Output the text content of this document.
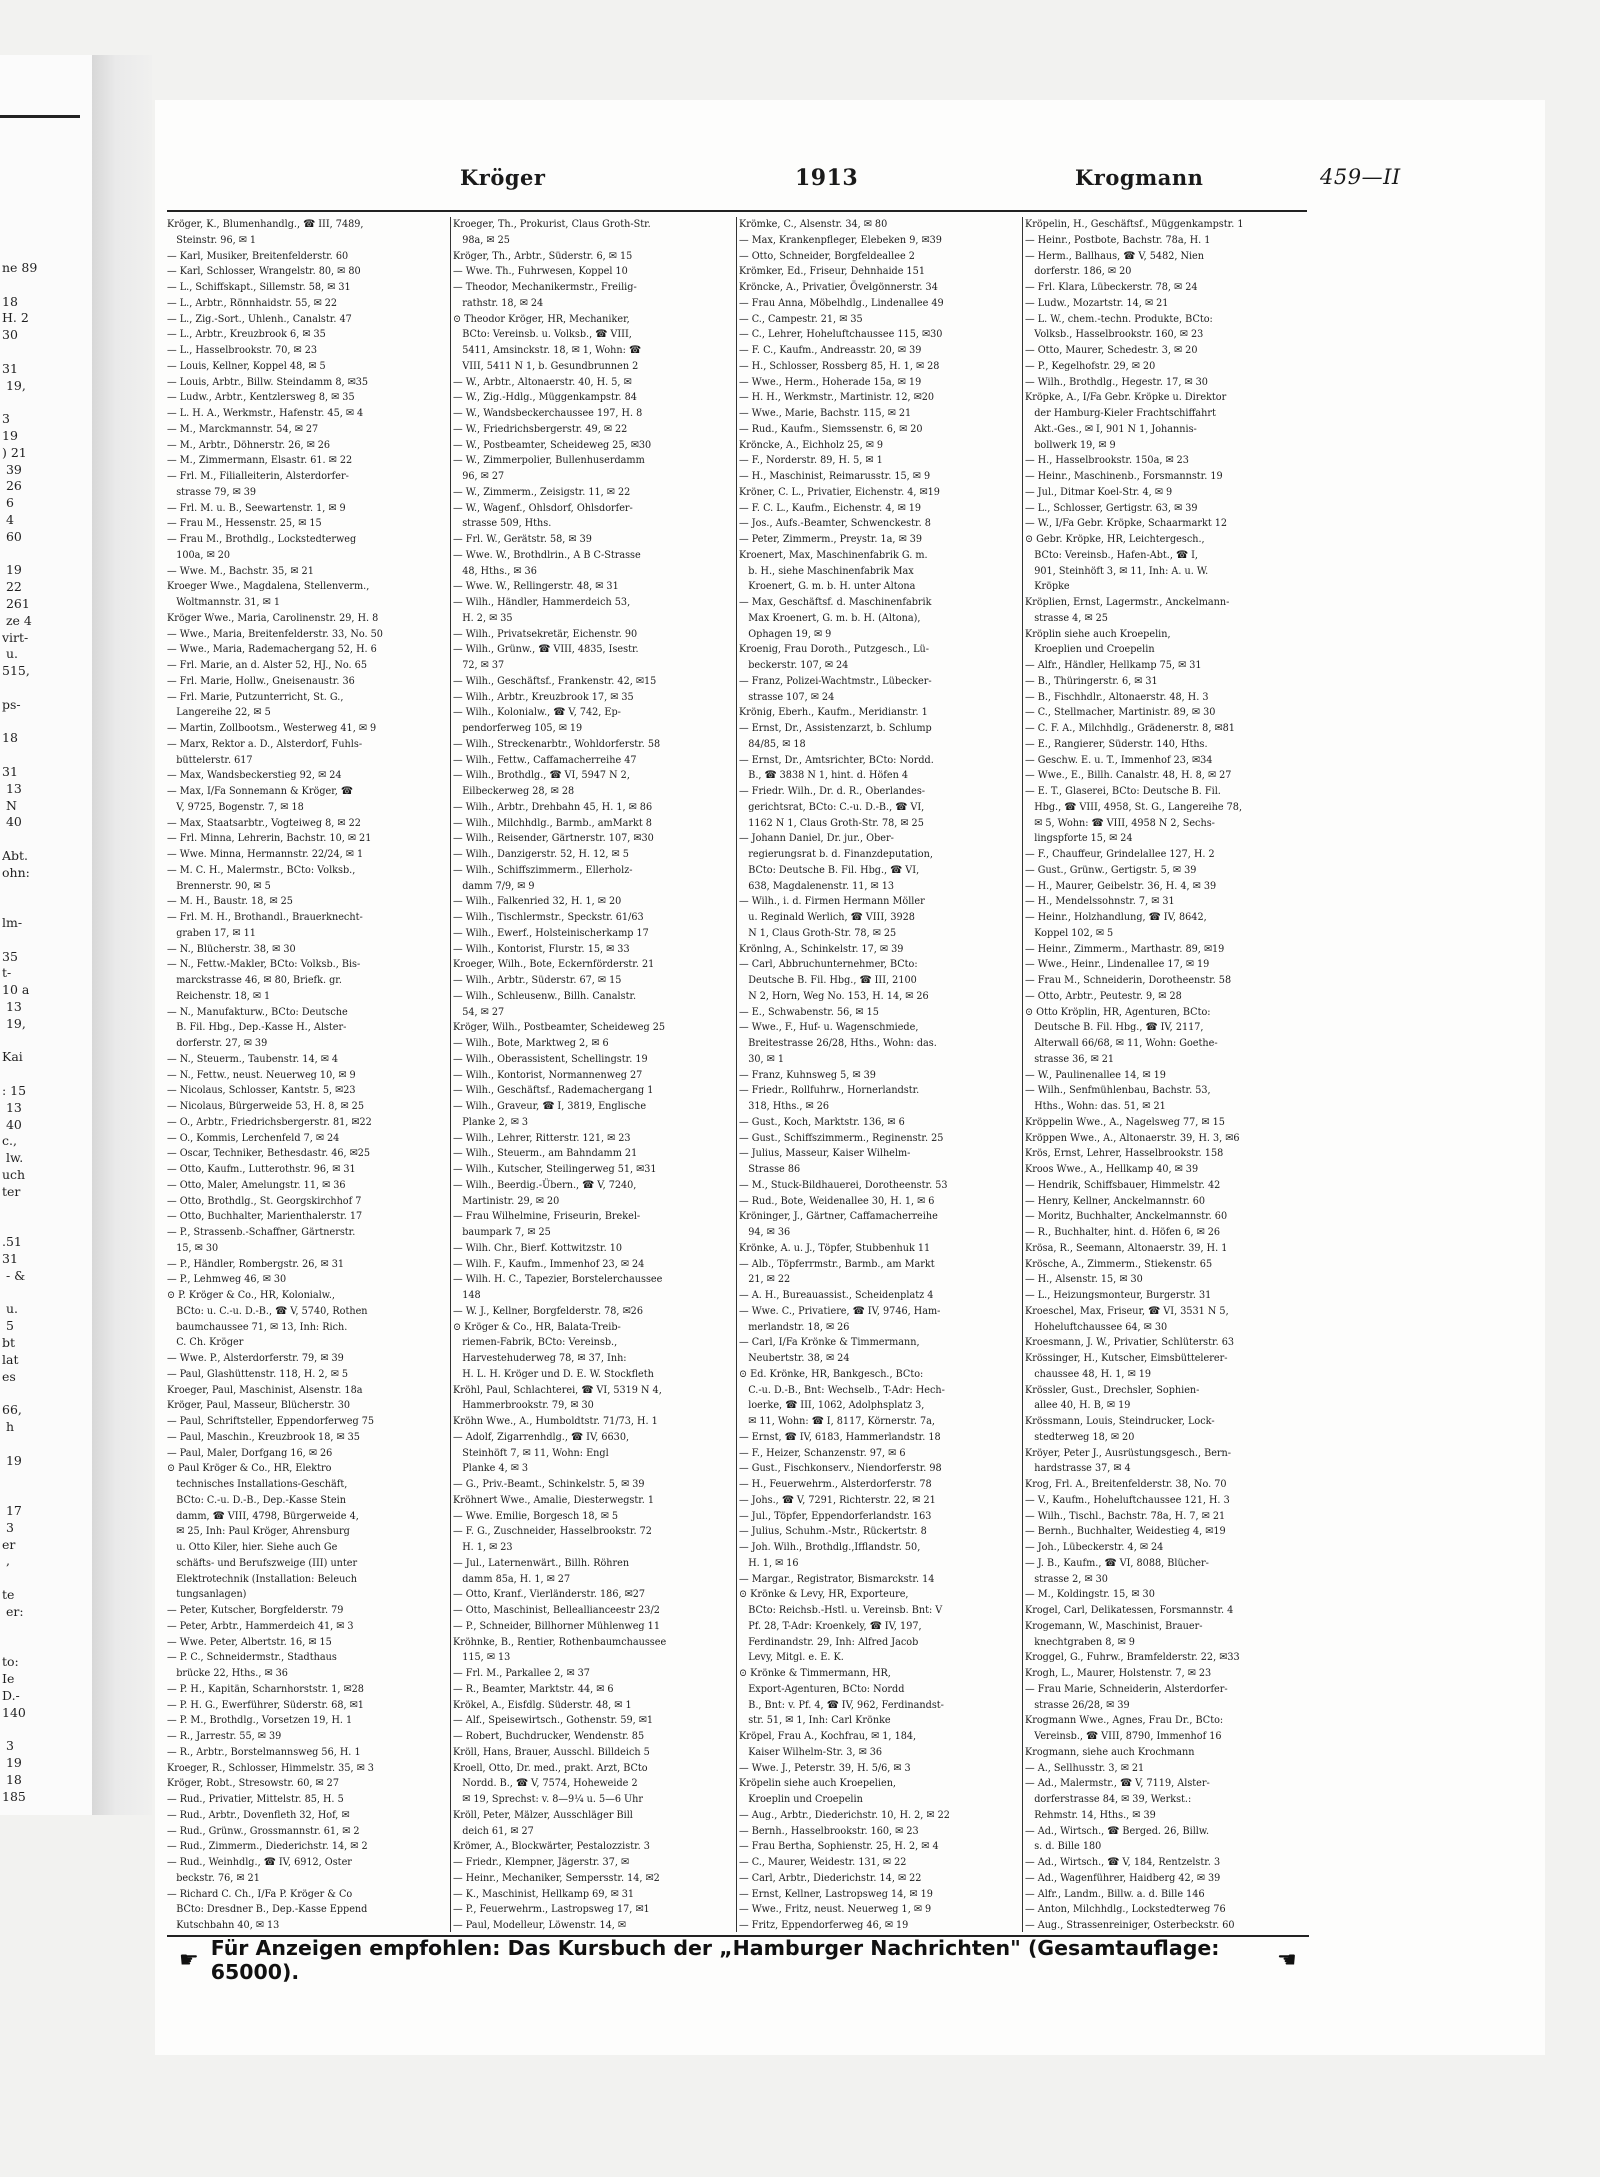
ne 89

18
H. 2
30

31
19,

3
19
) 21
39
26
6
4
60

19
22
261
ze 4
virt-
u.
515,

ps-

18

31
13
N
40

Abt.
ohn:

lm-

35
t-
10 a
13
19,

Kai

: 15
13
40
c.,
lw.
uch
ter

.51
31
- &

u.
5
bt
lat
es

66,
h

19

17
3
er
,

te
er:

to:
Ie
D.-
140

3
19
18
185
Kröger	1913	Krogmann	459—II
Kröger, K., Blumenhandlg., ☎ III, 7489,
Steinstr. 96, ✉ 1
— Karl, Musiker, Breitenfelderstr. 60
— Karl, Schlosser, Wrangelstr. 80, ✉ 80
— L., Schiffskapt., Sillemstr. 58, ✉ 31
— L., Arbtr., Rönnhaidstr. 55, ✉ 22
— L., Zig.-Sort., Uhlenh., Canalstr. 47
— L., Arbtr., Kreuzbrook 6, ✉ 35
— L., Hasselbrookstr. 70, ✉ 23
— Louis, Kellner, Koppel 48, ✉ 5
— Louis, Arbtr., Billw. Steindamm 8, ✉35
— Ludw., Arbtr., Kentzlersweg 8, ✉ 35
— L. H. A., Werkmstr., Hafenstr. 45, ✉ 4
— M., Marckmannstr. 54, ✉ 27
— M., Arbtr., Döhnerstr. 26, ✉ 26
— M., Zimmermann, Elsastr. 61. ✉ 22
— Frl. M., Filialleiterin, Alsterdorfer-
strasse 79, ✉ 39
— Frl. M. u. B., Seewartenstr. 1, ✉ 9
— Frau M., Hessenstr. 25, ✉ 15
— Frau M., Brothdlg., Lockstedterweg
100a, ✉ 20
— Wwe. M., Bachstr. 35, ✉ 21
Kroeger Wwe., Magdalena, Stellenverm.,
Woltmannstr. 31, ✉ 1
Kröger Wwe., Maria, Carolinenstr. 29, H. 8
— Wwe., Maria, Breitenfelderstr. 33, No. 50
— Wwe., Maria, Rademachergang 52, H. 6
— Frl. Marie, an d. Alster 52, HJ., No. 65
— Frl. Marie, Hollw., Gneisenaustr. 36
— Frl. Marie, Putzunterricht, St. G.,
Langereihe 22, ✉ 5
— Martin, Zollbootsm., Westerweg 41, ✉ 9
— Marx, Rektor a. D., Alsterdorf, Fuhls-
büttelerstr. 617
— Max, Wandsbeckerstieg 92, ✉ 24
— Max, I/Fa Sonnemann & Kröger, ☎
V, 9725, Bogenstr. 7, ✉ 18
— Max, Staatsarbtr., Vogteiweg 8, ✉ 22
— Frl. Minna, Lehrerin, Bachstr. 10, ✉ 21
— Wwe. Minna, Hermannstr. 22/24, ✉ 1
— M. C. H., Malermstr., BCto: Volksb.,
Brennerstr. 90, ✉ 5
— M. H., Baustr. 18, ✉ 25
— Frl. M. H., Brothandl., Brauerknecht-
graben 17, ✉ 11
— N., Blücherstr. 38, ✉ 30
— N., Fettw.-Makler, BCto: Volksb., Bis-
marckstrasse 46, ✉ 80, Briefk. gr.
Reichenstr. 18, ✉ 1
— N., Manufakturw., BCto: Deutsche
B. Fil. Hbg., Dep.-Kasse H., Alster-
dorferstr. 27, ✉ 39
— N., Steuerm., Taubenstr. 14, ✉ 4
— N., Fettw., neust. Neuerweg 10, ✉ 9
— Nicolaus, Schlosser, Kantstr. 5, ✉23
— Nicolaus, Bürgerweide 53, H. 8, ✉ 25
— O., Arbtr., Friedrichsbergerstr. 81, ✉22
— O., Kommis, Lerchenfeld 7, ✉ 24
— Oscar, Techniker, Bethesdastr. 46, ✉25
— Otto, Kaufm., Lutterothstr. 96, ✉ 31
— Otto, Maler, Amelungstr. 11, ✉ 36
— Otto, Brothdlg., St. Georgskirchhof 7
— Otto, Buchhalter, Marienthalerstr. 17
— P., Strassenb.-Schaffner, Gärtnerstr.
15, ✉ 30
— P., Händler, Rombergstr. 26, ✉ 31
— P., Lehmweg 46, ✉ 30
⊙ P. Kröger & Co., HR, Kolonialw.,
BCto: u. C.-u. D.-B., ☎ V, 5740, Rothen
baumchaussee 71, ✉ 13, Inh: Rich.
C. Ch. Kröger
— Wwe. P., Alsterdorferstr. 79, ✉ 39
— Paul, Glashüttenstr. 118, H. 2, ✉ 5
Kroeger, Paul, Maschinist, Alsenstr. 18a
Kröger, Paul, Masseur, Blücherstr. 30
— Paul, Schriftsteller, Eppendorferweg 75
— Paul, Maschin., Kreuzbrook 18, ✉ 35
— Paul, Maler, Dorfgang 16, ✉ 26
⊙ Paul Kröger & Co., HR, Elektro
technisches Installations-Geschäft,
BCto: C.-u. D.-B., Dep.-Kasse Stein
damm, ☎ VIII, 4798, Bürgerweide 4,
✉ 25, Inh: Paul Kröger, Ahrensburg
u. Otto Kiler, hier. Siehe auch Ge
schäfts- und Berufszweige (III) unter
Elektrotechnik (Installation: Beleuch
tungsanlagen)
— Peter, Kutscher, Borgfelderstr. 79
— Peter, Arbtr., Hammerdeich 41, ✉ 3
— Wwe. Peter, Albertstr. 16, ✉ 15
— P. C., Schneidermstr., Stadthaus
brücke 22, Hths., ✉ 36
— P. H., Kapitän, Scharnhorststr. 1, ✉28
— P. H. G., Ewerführer, Süderstr. 68, ✉1
— P. M., Brothdlg., Vorsetzen 19, H. 1
— R., Jarrestr. 55, ✉ 39
— R., Arbtr., Borstelmannsweg 56, H. 1
Kroeger, R., Schlosser, Himmelstr. 35, ✉ 3
Kröger, Robt., Stresowstr. 60, ✉ 27
— Rud., Privatier, Mittelstr. 85, H. 5
— Rud., Arbtr., Dovenfleth 32, Hof, ✉
— Rud., Grünw., Grossmannstr. 61, ✉ 2
— Rud., Zimmerm., Diederichstr. 14, ✉ 2
— Rud., Weinhdlg., ☎ IV, 6912, Oster
beckstr. 76, ✉ 21
— Richard C. Ch., I/Fa P. Kröger & Co
BCto: Dresdner B., Dep.-Kasse Eppend
Kutschbahn 40, ✉ 13

Kroeger, Th., Prokurist, Claus Groth-Str.
98a, ✉ 25
Kröger, Th., Arbtr., Süderstr. 6, ✉ 15
— Wwe. Th., Fuhrwesen, Koppel 10
— Theodor, Mechanikermstr., Freilig-
rathstr. 18, ✉ 24
⊙ Theodor Kröger, HR, Mechaniker,
BCto: Vereinsb. u. Volksb., ☎ VIII,
5411, Amsinckstr. 18, ✉ 1, Wohn: ☎
VIII, 5411 N 1, b. Gesundbrunnen 2
— W., Arbtr., Altonaerstr. 40, H. 5, ✉
— W., Zig.-Hdlg., Müggenkampstr. 84
— W., Wandsbeckerchaussee 197, H. 8
— W., Friedrichsbergerstr. 49, ✉ 22
— W., Postbeamter, Scheideweg 25, ✉30
— W., Zimmerpolier, Bullenhuserdamm
96, ✉ 27
— W., Zimmerm., Zeisigstr. 11, ✉ 22
— W., Wagenf., Ohlsdorf, Ohlsdorfer-
strasse 509, Hths.
— Frl. W., Gerätstr. 58, ✉ 39
— Wwe. W., Brothdlrin., A B C-Strasse
48, Hths., ✉ 36
— Wwe. W., Rellingerstr. 48, ✉ 31
— Wilh., Händler, Hammerdeich 53,
H. 2, ✉ 35
— Wilh., Privatsekretär, Eichenstr. 90
— Wilh., Grünw., ☎ VIII, 4835, Isestr.
72, ✉ 37
— Wilh., Geschäftsf., Frankenstr. 42, ✉15
— Wilh., Arbtr., Kreuzbrook 17, ✉ 35
— Wilh., Kolonialw., ☎ V, 742, Ep-
pendorferweg 105, ✉ 19
— Wilh., Streckenarbtr., Wohldorferstr. 58
— Wilh., Fettw., Caffamacherreihe 47
— Wilh., Brothdlg., ☎ VI, 5947 N 2,
Eilbeckerweg 28, ✉ 28
— Wilh., Arbtr., Drehbahn 45, H. 1, ✉ 86
— Wilh., Milchhdlg., Barmb., amMarkt 8
— Wilh., Reisender, Gärtnerstr. 107, ✉30
— Wilh., Danzigerstr. 52, H. 12, ✉ 5
— Wilh., Schiffszimmerm., Ellerholz-
damm 7/9, ✉ 9
— Wilh., Falkenried 32, H. 1, ✉ 20
— Wilh., Tischlermstr., Speckstr. 61/63
— Wilh., Ewerf., Holsteinischerkamp 17
— Wilh., Kontorist, Flurstr. 15, ✉ 33
Kroeger, Wilh., Bote, Eckernförderstr. 21
— Wilh., Arbtr., Süderstr. 67, ✉ 15
— Wilh., Schleusenw., Billh. Canalstr.
54, ✉ 27
Kröger, Wilh., Postbeamter, Scheideweg 25
— Wilh., Bote, Marktweg 2, ✉ 6
— Wilh., Oberassistent, Schellingstr. 19
— Wilh., Kontorist, Normannenweg 27
— Wilh., Geschäftsf., Rademachergang 1
— Wilh., Graveur, ☎ I, 3819, Englische
Planke 2, ✉ 3
— Wilh., Lehrer, Ritterstr. 121, ✉ 23
— Wilh., Steuerm., am Bahndamm 21
— Wilh., Kutscher, Steilingerweg 51, ✉31
— Wilh., Beerdig.-Übern., ☎ V, 7240,
Martinistr. 29, ✉ 20
— Frau Wilhelmine, Friseurin, Brekel-
baumpark 7, ✉ 25
— Wilh. Chr., Bierf. Kottwitzstr. 10
— Wilh. F., Kaufm., Immenhof 23, ✉ 24
— Wilh. H. C., Tapezier, Borstelerchaussee
148
— W. J., Kellner, Borgfelderstr. 78, ✉26
⊙ Kröger & Co., HR, Balata-Treib-
riemen-Fabrik, BCto: Vereinsb.,
Harvestehuderweg 78, ✉ 37, Inh:
H. L. H. Kröger und D. E. W. Stockfleth
Kröhl, Paul, Schlachterei, ☎ VI, 5319 N 4,
Hammerbrookstr. 79, ✉ 30
Kröhn Wwe., A., Humboldtstr. 71/73, H. 1
— Adolf, Zigarrenhdlg., ☎ IV, 6630,
Steinhöft 7, ✉ 11, Wohn: Engl
Planke 4, ✉ 3
— G., Priv.-Beamt., Schinkelstr. 5, ✉ 39
Kröhnert Wwe., Amalie, Diesterwegstr. 1
— Wwe. Emilie, Borgesch 18, ✉ 5
— F. G., Zuschneider, Hasselbrookstr. 72
H. 1, ✉ 23
— Jul., Laternenwärt., Billh. Röhren
damm 85a, H. 1, ✉ 27
— Otto, Kranf., Vierländerstr. 186, ✉27
— Otto, Maschinist, Belleallianceestr 23/2
— P., Schneider, Billhorner Mühlenweg 11
Kröhnke, B., Rentier, Rothenbaumchaussee
115, ✉ 13
— Frl. M., Parkallee 2, ✉ 37
— R., Beamter, Marktstr. 44, ✉ 6
Krökel, A., Eisfdlg. Süderstr. 48, ✉ 1
— Alf., Speisewirtsch., Gothenstr. 59, ✉1
— Robert, Buchdrucker, Wendenstr. 85
Kröll, Hans, Brauer, Ausschl. Billdeich 5
Kroell, Otto, Dr. med., prakt. Arzt, BCto
Nordd. B., ☎ V, 7574, Hoheweide 2
✉ 19, Sprechst: v. 8—9¼ u. 5—6 Uhr
Kröll, Peter, Mälzer, Ausschläger Bill
deich 61, ✉ 27
Krömer, A., Blockwärter, Pestalozzistr. 3
— Friedr., Klempner, Jägerstr. 37, ✉
— Heinr., Mechaniker, Sempersstr. 14, ✉2
— K., Maschinist, Hellkamp 69, ✉ 31
— P., Feuerwehrm., Lastropsweg 17, ✉1
— Paul, Modelleur, Löwenstr. 14, ✉

Krömke, C., Alsenstr. 34, ✉ 80
— Max, Krankenpfleger, Elebeken 9, ✉39
— Otto, Schneider, Borgfeldeallee 2
Krömker, Ed., Friseur, Dehnhaide 151
Kröncke, A., Privatier, Övelgönnerstr. 34
— Frau Anna, Möbelhdlg., Lindenallee 49
— C., Campestr. 21, ✉ 35
— C., Lehrer, Hoheluftchaussee 115, ✉30
— F. C., Kaufm., Andreasstr. 20, ✉ 39
— H., Schlosser, Rossberg 85, H. 1, ✉ 28
— Wwe., Herm., Hoherade 15a, ✉ 19
— H. H., Werkmstr., Martinistr. 12, ✉20
— Wwe., Marie, Bachstr. 115, ✉ 21
— Rud., Kaufm., Siemssenstr. 6, ✉ 20
Kröncke, A., Eichholz 25, ✉ 9
— F., Norderstr. 89, H. 5, ✉ 1
— H., Maschinist, Reimarusstr. 15, ✉ 9
Kröner, C. L., Privatier, Eichenstr. 4, ✉19
— F. C. L., Kaufm., Eichenstr. 4, ✉ 19
— Jos., Aufs.-Beamter, Schwenckestr. 8
— Peter, Zimmerm., Preystr. 1a, ✉ 39
Kroenert, Max, Maschinenfabrik G. m.
b. H., siehe Maschinenfabrik Max
Kroenert, G. m. b. H. unter Altona
— Max, Geschäftsf. d. Maschinenfabrik
Max Kroenert, G. m. b. H. (Altona),
Ophagen 19, ✉ 9
Kroenig, Frau Doroth., Putzgesch., Lü-
beckerstr. 107, ✉ 24
— Franz, Polizei-Wachtmstr., Lübecker-
strasse 107, ✉ 24
Krönig, Eberh., Kaufm., Meridianstr. 1
— Ernst, Dr., Assistenzarzt, b. Schlump
84/85, ✉ 18
— Ernst, Dr., Amtsrichter, BCto: Nordd.
B., ☎ 3838 N 1, hint. d. Höfen 4
— Friedr. Wilh., Dr. d. R., Oberlandes-
gerichtsrat, BCto: C.-u. D.-B., ☎ VI,
1162 N 1, Claus Groth-Str. 78, ✉ 25
— Johann Daniel, Dr. jur., Ober-
regierungsrat b. d. Finanzdeputation,
BCto: Deutsche B. Fil. Hbg., ☎ VI,
638, Magdalenenstr. 11, ✉ 13
— Wilh., i. d. Firmen Hermann Möller
u. Reginald Werlich, ☎ VIII, 3928
N 1, Claus Groth-Str. 78, ✉ 25
Krönlng, A., Schinkelstr. 17, ✉ 39
— Carl, Abbruchunternehmer, BCto:
Deutsche B. Fil. Hbg., ☎ III, 2100
N 2, Horn, Weg No. 153, H. 14, ✉ 26
— E., Schwabenstr. 56, ✉ 15
— Wwe., F., Huf- u. Wagenschmiede,
Breitestrasse 26/28, Hths., Wohn: das.
30, ✉ 1
— Franz, Kuhnsweg 5, ✉ 39
— Friedr., Rollfuhrw., Hornerlandstr.
318, Hths., ✉ 26
— Gust., Koch, Marktstr. 136, ✉ 6
— Gust., Schiffszimmerm., Reginenstr. 25
— Julius, Masseur, Kaiser Wilhelm-
Strasse 86
— M., Stuck-Bildhauerei, Dorotheenstr. 53
— Rud., Bote, Weidenallee 30, H. 1, ✉ 6
Kröninger, J., Gärtner, Caffamacherreihe
94, ✉ 36
Krönke, A. u. J., Töpfer, Stubbenhuk 11
— Alb., Töpferrmstr., Barmb., am Markt
21, ✉ 22
— A. H., Bureauassist., Scheidenplatz 4
— Wwe. C., Privatiere, ☎ IV, 9746, Ham-
merlandstr. 18, ✉ 26
— Carl, I/Fa Krönke & Timmermann,
Neubertstr. 38, ✉ 24
⊙ Ed. Krönke, HR, Bankgesch., BCto:
C.-u. D.-B., Bnt: Wechselb., T-Adr: Hech-
loerke, ☎ III, 1062, Adolphsplatz 3,
✉ 11, Wohn: ☎ I, 8117, Körnerstr. 7a,
— Ernst, ☎ IV, 6183, Hammerlandstr. 18
— F., Heizer, Schanzenstr. 97, ✉ 6
— Gust., Fischkonserv., Niendorferstr. 98
— H., Feuerwehrm., Alsterdorferstr. 78
— Johs., ☎ V, 7291, Richterstr. 22, ✉ 21
— Jul., Töpfer, Eppendorferlandstr. 163
— Julius, Schuhm.-Mstr., Rückertstr. 8
— Joh. Wilh., Brothdlg.,Ifflandstr. 50,
H. 1, ✉ 16
— Margar., Registrator, Bismarckstr. 14
⊙ Krönke & Levy, HR, Exporteure,
BCto: Reichsb.-Hstl. u. Vereinsb. Bnt: V
Pf. 28, T-Adr: Kroenkely, ☎ IV, 197,
Ferdinandstr. 29, Inh: Alfred Jacob
Levy, Mitgl. e. E. K.
⊙ Krönke & Timmermann, HR,
Export-Agenturen, BCto: Nordd
B., Bnt: v. Pf. 4, ☎ IV, 962, Ferdinandst-
str. 51, ✉ 1, Inh: Carl Krönke
Kröpel, Frau A., Kochfrau, ✉ 1, 184,
Kaiser Wilhelm-Str. 3, ✉ 36
— Wwe. J., Peterstr. 39, H. 5/6, ✉ 3
Kröpelin siehe auch Kroepelien,
Kroeplin und Croepelin
— Aug., Arbtr., Diederichstr. 10, H. 2, ✉ 22
— Bernh., Hasselbrookstr. 160, ✉ 23
— Frau Bertha, Sophienstr. 25, H. 2, ✉ 4
— C., Maurer, Weidestr. 131, ✉ 22
— Carl, Arbtr., Diederichstr. 14, ✉ 22
— Ernst, Kellner, Lastropsweg 14, ✉ 19
— Wwe., Fritz, neust. Neuerweg 1, ✉ 9
— Fritz, Eppendorferweg 46, ✉ 19

Kröpelin, H., Geschäftsf., Müggenkampstr. 1
— Heinr., Postbote, Bachstr. 78a, H. 1
— Herm., Ballhaus, ☎ V, 5482, Nien
dorferstr. 186, ✉ 20
— Frl. Klara, Lübeckerstr. 78, ✉ 24
— Ludw., Mozartstr. 14, ✉ 21
— L. W., chem.-techn. Produkte, BCto:
Volksb., Hasselbrookstr. 160, ✉ 23
— Otto, Maurer, Schedestr. 3, ✉ 20
— P., Kegelhofstr. 29, ✉ 20
— Wilh., Brothdlg., Hegestr. 17, ✉ 30
Kröpke, A., I/Fa Gebr. Kröpke u. Direktor
der Hamburg-Kieler Frachtschiffahrt
Akt.-Ges., ✉ I, 901 N 1, Johannis-
bollwerk 19, ✉ 9
— H., Hasselbrookstr. 150a, ✉ 23
— Heinr., Maschinenb., Forsmannstr. 19
— Jul., Ditmar Koel-Str. 4, ✉ 9
— L., Schlosser, Gertigstr. 63, ✉ 39
— W., I/Fa Gebr. Kröpke, Schaarmarkt 12
⊙ Gebr. Kröpke, HR, Leichtergesch.,
BCto: Vereinsb., Hafen-Abt., ☎ I,
901, Steinhöft 3, ✉ 11, Inh: A. u. W.
Kröpke
Kröplien, Ernst, Lagermstr., Anckelmann-
strasse 4, ✉ 25
Kröplin siehe auch Kroepelin,
Kroeplien und Croepelin
— Alfr., Händler, Hellkamp 75, ✉ 31
— B., Thüringerstr. 6, ✉ 31
— B., Fischhdlr., Altonaerstr. 48, H. 3
— C., Stellmacher, Martinistr. 89, ✉ 30
— C. F. A., Milchhdlg., Grädenerstr. 8, ✉81
— E., Rangierer, Süderstr. 140, Hths.
— Geschw. E. u. T., Immenhof 23, ✉34
— Wwe., E., Billh. Canalstr. 48, H. 8, ✉ 27
— E. T., Glaserei, BCto: Deutsche B. Fil.
Hbg., ☎ VIII, 4958, St. G., Langereihe 78,
✉ 5, Wohn: ☎ VIII, 4958 N 2, Sechs-
lingspforte 15, ✉ 24
— F., Chauffeur, Grindelallee 127, H. 2
— Gust., Grünw., Gertigstr. 5, ✉ 39
— H., Maurer, Geibelstr. 36, H. 4, ✉ 39
— H., Mendelssohnstr. 7, ✉ 31
— Heinr., Holzhandlung, ☎ IV, 8642,
Koppel 102, ✉ 5
— Heinr., Zimmerm., Marthastr. 89, ✉19
— Wwe., Heinr., Lindenallee 17, ✉ 19
— Frau M., Schneiderin, Dorotheenstr. 58
— Otto, Arbtr., Peutestr. 9, ✉ 28
⊙ Otto Kröplin, HR, Agenturen, BCto:
Deutsche B. Fil. Hbg., ☎ IV, 2117,
Alterwall 66/68, ✉ 11, Wohn: Goethe-
strasse 36, ✉ 21
— W., Paulinenallee 14, ✉ 19
— Wilh., Senfmühlenbau, Bachstr. 53,
Hths., Wohn: das. 51, ✉ 21
Kröppelin Wwe., A., Nagelsweg 77, ✉ 15
Kröppen Wwe., A., Altonaerstr. 39, H. 3, ✉6
Krös, Ernst, Lehrer, Hasselbrookstr. 158
Kroos Wwe., A., Hellkamp 40, ✉ 39
— Hendrik, Schiffsbauer, Himmelstr. 42
— Henry, Kellner, Anckelmannstr. 60
— Moritz, Buchhalter, Anckelmannstr. 60
— R., Buchhalter, hint. d. Höfen 6, ✉ 26
Krösa, R., Seemann, Altonaerstr. 39, H. 1
Krösche, A., Zimmerm., Stiekenstr. 65
— H., Alsenstr. 15, ✉ 30
— L., Heizungsmonteur, Burgerstr. 31
Kroeschel, Max, Friseur, ☎ VI, 3531 N 5,
Hoheluftchaussee 64, ✉ 30
Kroesmann, J. W., Privatier, Schlüterstr. 63
Krössinger, H., Kutscher, Eimsbüttelerer-
chaussee 48, H. 1, ✉ 19
Krössler, Gust., Drechsler, Sophien-
allee 40, H. B, ✉ 19
Krössmann, Louis, Steindrucker, Lock-
stedterweg 18, ✉ 20
Kröyer, Peter J., Ausrüstungsgesch., Bern-
hardstrasse 37, ✉ 4
Krog, Frl. A., Breitenfelderstr. 38, No. 70
— V., Kaufm., Hoheluftchaussee 121, H. 3
— Wilh., Tischl., Bachstr. 78a, H. 7, ✉ 21
— Bernh., Buchhalter, Weidestieg 4, ✉19
— Joh., Lübeckerstr. 4, ✉ 24
— J. B., Kaufm., ☎ VI, 8088, Blücher-
strasse 2, ✉ 30
— M., Koldingstr. 15, ✉ 30
Krogel, Carl, Delikatessen, Forsmannstr. 4
Krogemann, W., Maschinist, Brauer-
knechtgraben 8, ✉ 9
Kroggel, G., Fuhrw., Bramfelderstr. 22, ✉33
Krogh, L., Maurer, Holstenstr. 7, ✉ 23
— Frau Marie, Schneiderin, Alsterdorfer-
strasse 26/28, ✉ 39
Krogmann Wwe., Agnes, Frau Dr., BCto:
Vereinsb., ☎ VIII, 8790, Immenhof 16
Krogmann, siehe auch Krochmann
— A., Sellhusstr. 3, ✉ 21
— Ad., Malermstr., ☎ V, 7119, Alster-
dorferstrasse 84, ✉ 39, Werkst.:
Rehmstr. 14, Hths., ✉ 39
— Ad., Wirtsch., ☎ Berged. 26, Billw.
s. d. Bille 180
— Ad., Wirtsch., ☎ V, 184, Rentzelstr. 3
— Ad., Wagenführer, Haidberg 42, ✉ 39
— Alfr., Landm., Billw. a. d. Bille 146
— Anton, Milchhdlg., Lockstedterweg 76
— Aug., Strassenreiniger, Osterbeckstr. 60
☛ Für Anzeigen empfohlen: Das Kursbuch der „Hamburger Nachrichten" (Gesamtauflage: 65000).	☛
